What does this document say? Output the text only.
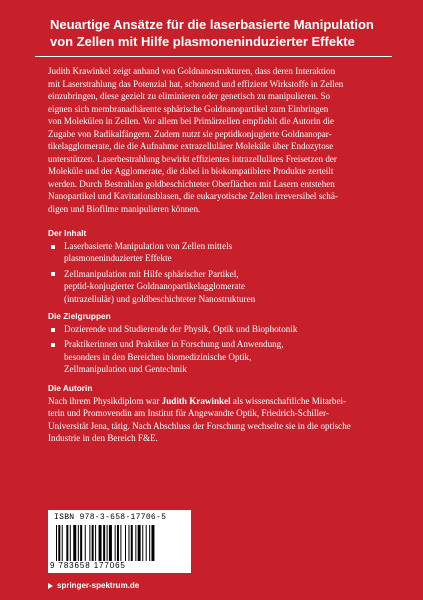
Neuartige Ansätze für die laserbasierte Manipulation
von Zellen mit Hilfe plasmoneninduzierter Effekte
Judith Krawinkel zeigt anhand von Goldnanostrukturen, dass deren Interaktion
mit Laserstrahlung das Potenzial hat, schonend und effizient Wirkstoffe in Zellen
einzubringen, diese gezielt zu eliminieren oder genetisch zu manipulieren. So
eignen sich membranadhärente sphärische Goldnanopartikel zum Einbringen
von Molekülen in Zellen. Vor allem bei Primärzellen empfiehlt die Autorin die
Zugabe von Radikalfängern. Zudem nutzt sie peptidkonjugierte Goldnanopar-
tikelagglomerate, die die Aufnahme extrazellulärer Moleküle über Endozytose
unterstützen. Laserbestrahlung bewirkt effizientes intrazelluläres Freisetzen der
Moleküle und der Agglomerate, die dabei in biokompatiblere Produkte zerteilt
werden. Durch Bestrahlen goldbeschichteter Oberflächen mit Lasern entstehen
Nanopartikel und Kavitationsblasen, die eukaryotische Zellen irreversibel schä-
digen und Biofilme manipulieren können.
Der Inhalt
Laserbasierte Manipulation von Zellen mittels
plasmoneninduzierter Effekte
Zellmanipulation mit Hilfe sphärischer Partikel,
peptid-konjugierter Goldnanopartikelagglomerate
(intrazellulär) und goldbeschichteter Nanostrukturen
Die Zielgruppen
Dozierende und Studierende der Physik, Optik und Biophotonik
Praktikerinnen und Praktiker in Forschung und Anwendung,
besonders in den Bereichen biomedizinische Optik,
Zellmanipulation und Gentechnik
Die Autorin
Nach ihrem Physikdiplom war Judith Krawinkel als wissenschaftliche Mitarbei-
terin und Promovendin am Institut für Angewandte Optik, Friedrich-Schiller-
Universität Jena, tätig. Nach Abschluss der Forschung wechselte sie in die optische
Industrie in den Bereich F&E.
ISBN 978-3-658-17706-5
9 783658 177065
springer-spektrum.de
